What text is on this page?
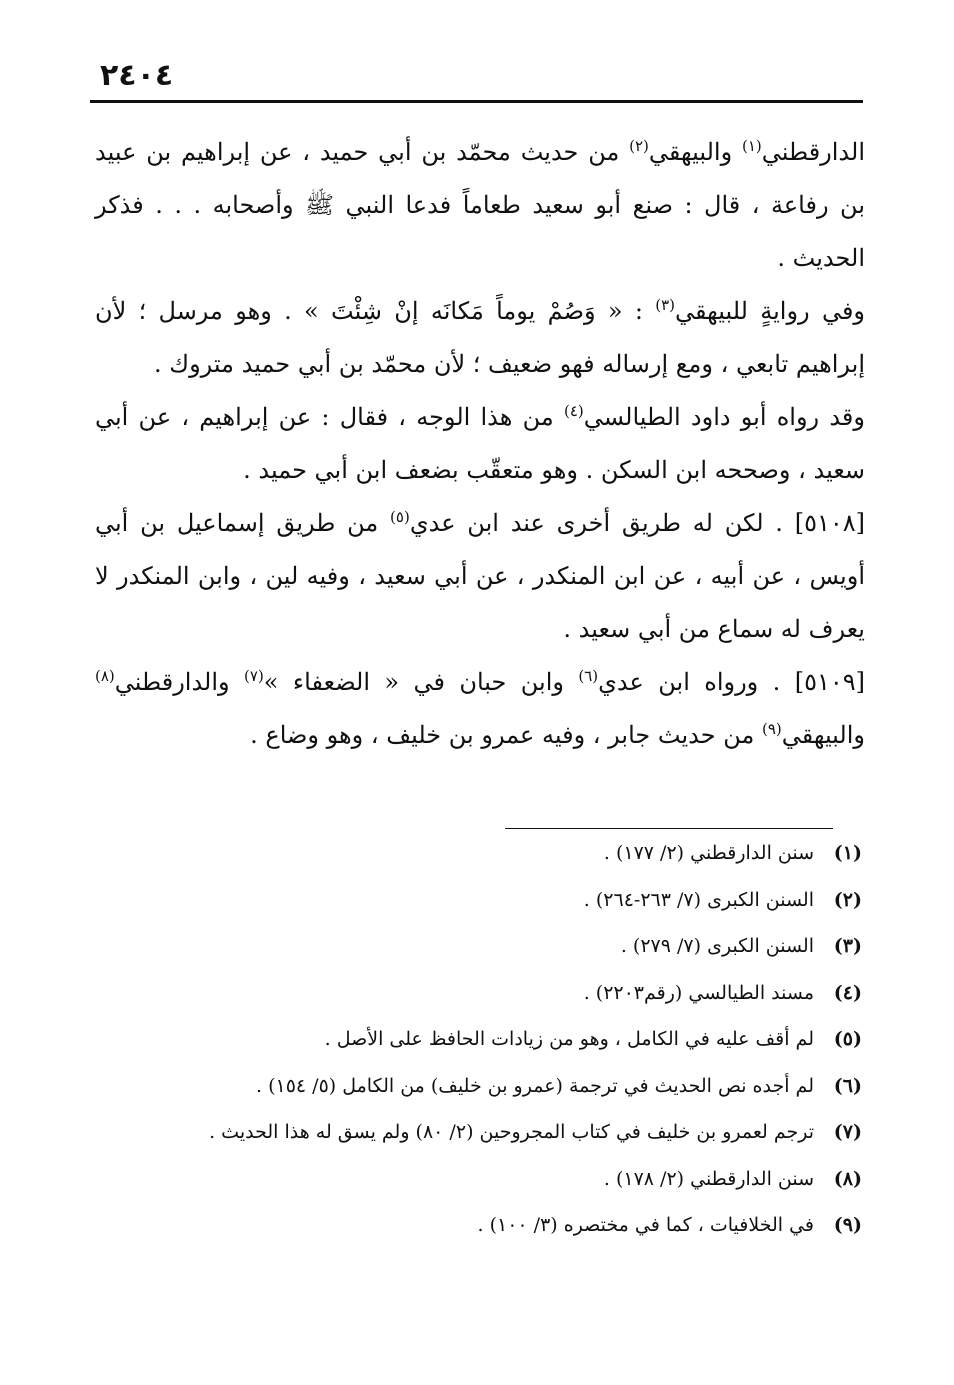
٢٤٠٤

الدارقطني$^{(١)}$ والبيهقي$^{(٢)}$ من حديث محمّد بن أبي حميد ، عن إبراهيم بن عبيد بن رفاعة ، قال : صنع أبو سعيد طعاماً فدعا النبي ﷺ وأصحابه . . . فذكر الحديث .

وفي روايةٍ للبيهقي$^{(٣)}$ : « وَصُمْ يوماً مَكانَه إنْ شِئْتَ » . وهو مرسل ؛ لأن إبراهيم تابعي ، ومع إرساله فهو ضعيف ؛ لأن محمّد بن أبي حميد متروك .

وقد رواه أبو داود الطيالسي$^{(٤)}$ من هذا الوجه ، فقال : عن إبراهيم ، عن أبي سعيد ، وصححه ابن السكن . وهو متعقّب بضعف ابن أبي حميد .

[٥١٠٨] . لكن له طريق أخرى عند ابن عدي$^{(٥)}$ من طريق إسماعيل بن أبي أويس ، عن أبيه ، عن ابن المنكدر ، عن أبي سعيد ، وفيه لين ، وابن المنكدر لا يعرف له سماع من أبي سعيد .

[٥١٠٩] . ورواه ابن عدي$^{(٦)}$ وابن حبان في « الضعفاء »$^{(٧)}$ والدارقطني$^{(٨)}$ والبيهقي$^{(٩)}$ من حديث جابر ، وفيه عمرو بن خليف ، وهو وضاع .

(١)
سنن الدارقطني (٢/ ١٧٧) .
(٢)
السنن الكبرى (٧/ ٢٦٣-٢٦٤) .
(٣)
السنن الكبرى (٧/ ٢٧٩) .
(٤)
مسند الطيالسي (رقم٢٢٠٣) .
(٥)
لم أقف عليه في الكامل ، وهو من زيادات الحافظ على الأصل .
(٦)
لم أجده نص الحديث في ترجمة (عمرو بن خليف) من الكامل (٥/ ١٥٤) .
(٧)
ترجم لعمرو بن خليف في كتاب المجروحين (٢/ ٨٠) ولم يسق له هذا الحديث .
(٨)
سنن الدارقطني (٢/ ١٧٨) .
(٩)
في الخلافيات ، كما في مختصره (٣/ ١٠٠) .
